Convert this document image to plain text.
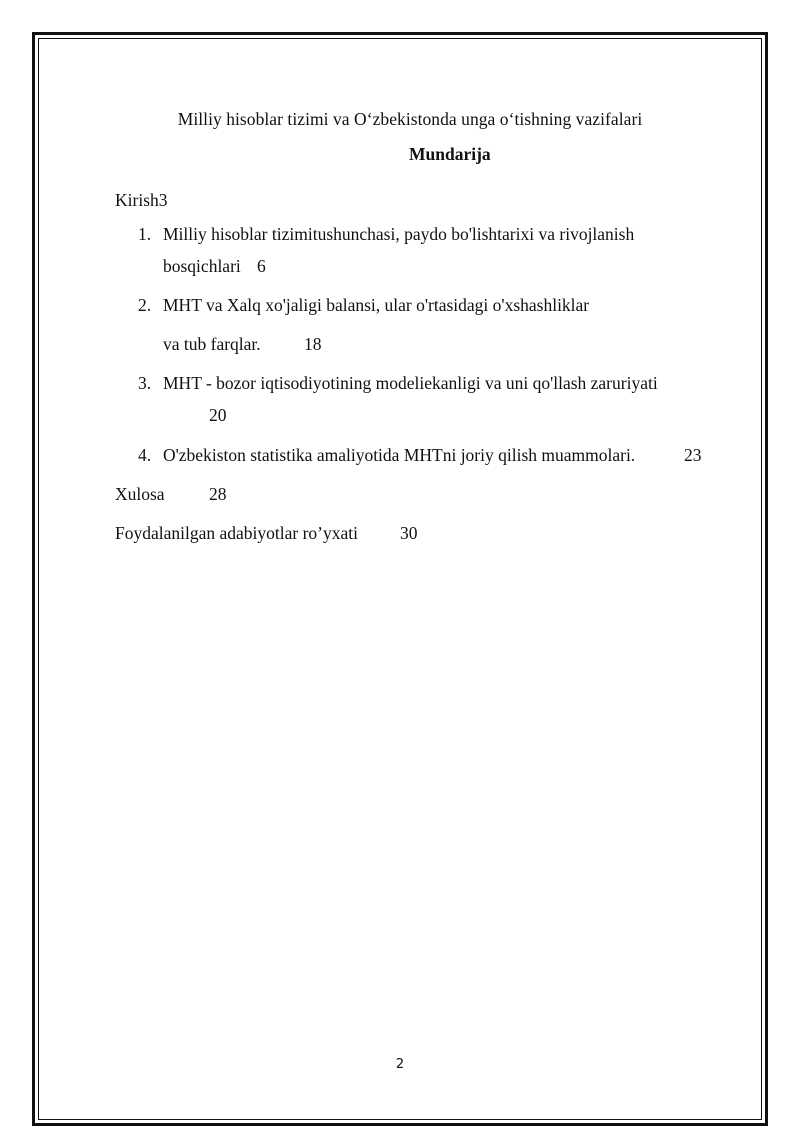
Milliy hisoblar tizimi va O‘zbekistonda unga o‘tishning vazifalari
Mundarija
Kirish3
1. Milliy hisoblar tizimitushunchasi, paydo bo'lishtarixi va rivojlanish
bosqichlari 6
2. MHT va Xalq xo'jaligi balansi, ular o'rtasidagi o'xshashliklar
va tub farqlar. 18
3. MHT - bozor iqtisodiyotining modeliekanligi va uni qo'llash zaruriyati
20
4. O'zbekiston statistika amaliyotida MHTni joriy qilish muammolari.	23
Xulosa	28
Foydalanilgan adabiyotlar ro’yxati 30
2
